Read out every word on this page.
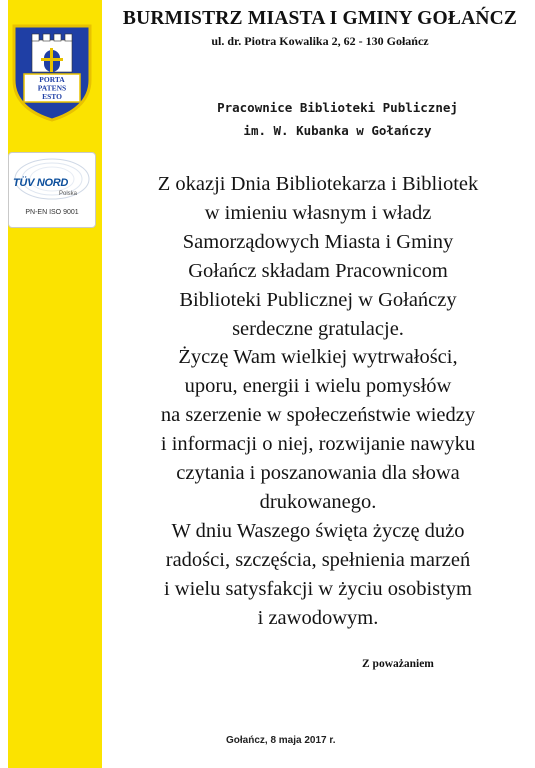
PORTA
PATENS
ESTO
TÜV NORD
Polska
PN-EN ISO 9001
BURMISTRZ MIASTA I GMINY GOŁAŃCZ
ul. dr. Piotra Kowalika 2, 62 - 130 Gołańcz
Pracownice Biblioteki Publicznej
im. W. Kubanka w Gołańczy
Z okazji Dnia Bibliotekarza i Bibliotek
w imieniu własnym i władz
Samorządowych Miasta i Gminy
Gołańcz składam Pracownicom
Biblioteki Publicznej w Gołańczy
serdeczne gratulacje.
Życzę Wam wielkiej wytrwałości,
uporu, energii i wielu pomysłów
na szerzenie w społeczeństwie wiedzy
i informacji o niej, rozwijanie nawyku
czytania i poszanowania dla słowa
drukowanego.
W dniu Waszego święta życzę dużo
radości, szczęścia, spełnienia marzeń
i wielu satysfakcji w życiu osobistym
i zawodowym.
Z poważaniem
Gołańcz, 8 maja 2017 r.
